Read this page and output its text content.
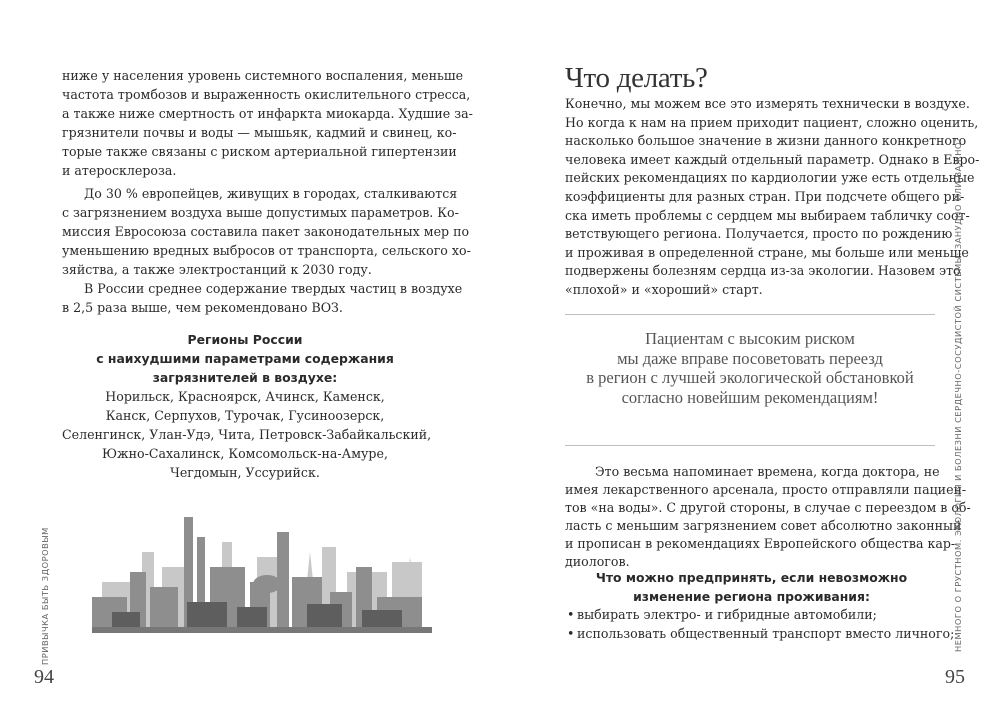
ниже у населения уровень системного воспаления, меньше
частота тромбозов и выраженность окислительного стресса,
а также ниже смертность от инфаркта миокарда. Худшие за-
грязнители почвы и воды — мышьяк, кадмий и свинец, ко-
торые также связаны с риском артериальной гипертензии
и атеросклероза.
До 30 % европейцев, живущих в городах, сталкиваются
с загрязнением воздуха выше допустимых параметров. Ко-
миссия Евросоюза составила пакет законодательных мер по
уменьшению вредных выбросов от транспорта, сельского хо-
зяйства, а также электростанций к 2030 году.
В России среднее содержание твердых частиц в воздухе
в 2,5 раза выше, чем рекомендовано ВОЗ.
Регионы России
с наихудшими параметрами содержания
загрязнителей в воздухе:
Норильск, Красноярск, Ачинск, Каменск,
Канск, Серпухов, Турочак, Гусиноозерск,
Селенгинск, Улан-Удэ, Чита, Петровск-Забайкальский,
Южно-Сахалинск, Комсомольск-на-Амуре,
Чегдомын, Уссурийск.
Что делать?
Конечно, мы можем все это измерять технически в воздухе.
Но когда к нам на прием приходит пациент, сложно оценить,
насколько большое значение в жизни данного конкретного
человека имеет каждый отдельный параметр. Однако в Евро-
пейских рекомендациях по кардиологии уже есть отдельные
коэффициенты для разных стран. При подсчете общего ри-
ска иметь проблемы с сердцем мы выбираем табличку соот-
ветствующего региона. Получается, просто по рождению
и проживая в определенной стране, мы больше или меньше
подвержены болезням сердца из-за экологии. Назовем это
«плохой» и «хороший» старт.
Пациентам с высоким риском
мы даже вправе посоветовать переезд
в регион с лучшей экологической обстановкой
согласно новейшим рекомендациям!
Это весьма напоминает времена, когда доктора, не
имея лекарственного арсенала, просто отправляли пациен-
тов «на воды». С другой стороны, в случае с переездом в об-
ласть с меньшим загрязнением совет абсолютно законный
и прописан в рекомендациях Европейского общества кар-
диологов.
Что можно предпринять, если невозможно
изменение региона проживания:
• выбирать электро- и гибридные автомобили;
• использовать общественный транспорт вместо личного;
ПРИВЫЧКА БЫТЬ ЗДОРОВЫМ	НЕМНОГО О ГРУСТНОМ. ЭКОЛОГИЯ И БОЛЕЗНИ СЕРДЕЧНО-СОСУДИСТОЙ СИСТЕМЫ: ЗАНУДНО ИЛИ ВАЖНО?
94	95
